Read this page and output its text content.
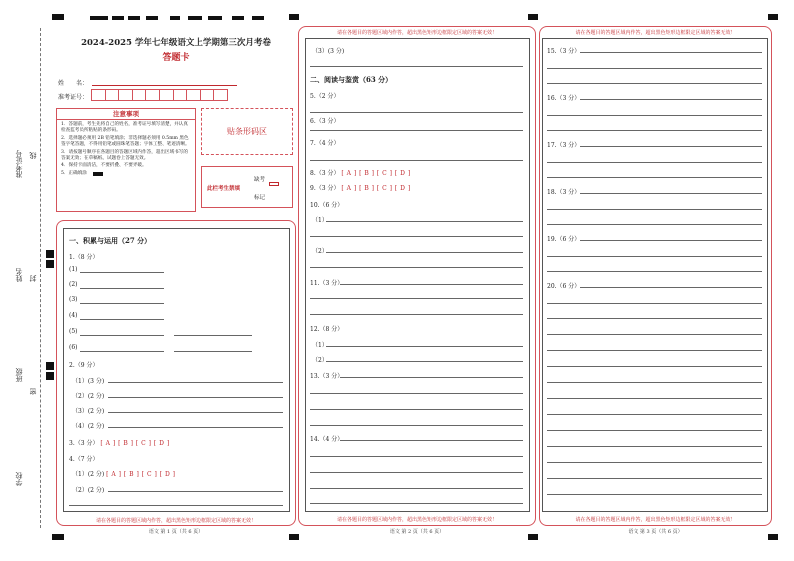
准考证号 线
姓名 封
班级
密
学校
2024-2025 学年七年级语文上学期第三次月考卷
答题卡
姓　　名：
准考证号：
注意事项
1．答题前，考生先将自己的姓名，准考证号填写清楚，并认真检查监考员所粘贴的条形码。
2．选择题必须用 2B 铅笔填涂；非选择题必须用 0.5mm 黑色签字笔答题，不得用铅笔或圆珠笔答题；字体工整、笔迹清晰。
3．请按题号顺序在各题目的答题区域内作答，超出区域书写的答案无效；在草稿纸、试题卷上答题无效。
4．保持卡面清洁，不要折叠、不要弄破。
5．正确填涂
贴条形码区
此栏考生禁填
缺考
标记
一、积累与运用（27 分）
1.（8 分）
(1)
(2)
(3)
(4)
(5)
(6)
2.（9 分）
（1）(3 分)
（2）(2 分)
（3）(2 分)
（4）(2 分)
3.（3 分） [ A ] [ B ] [ C ] [ D ]
4.（7 分）
（1）(2 分) [ A ] [ B ] [ C ] [ D ]
（2）(2 分)
请在各题目的答题区域内作答，超出黑色矩形边框限定区域的答案无效！
语文 第 1 页（共 6 页）
请在各题目的答题区域内作答，超出黑色矩形边框限定区域的答案无效！
（3）(3 分)
二、阅读与鉴赏（63 分）
5.（2 分）
6.（3 分）
7.（4 分）
8.（3 分） [ A ] [ B ] [ C ] [ D ]
9.（3 分） [ A ] [ B ] [ C ] [ D ]
10.（6 分）
（1）
（2）
11.（3 分）
12.（8 分）
（1）
（2）
13.（3 分）
14.（4 分）
请在各题目的答题区域内作答，超出黑色矩形边框限定区域的答案无效！
语文 第 2 页（共 6 页）
请在各题目的答题区域内作答，超出黑色矩形边框限定区域的答案无效！
15.（3 分）
16.（3 分）
17.（3 分）
18.（3 分）
19.（6 分）
20.（6 分）
请在各题目的答题区域内作答，超出黑色矩形边框限定区域的答案无效！
语文 第 3 页（共 6 页）
